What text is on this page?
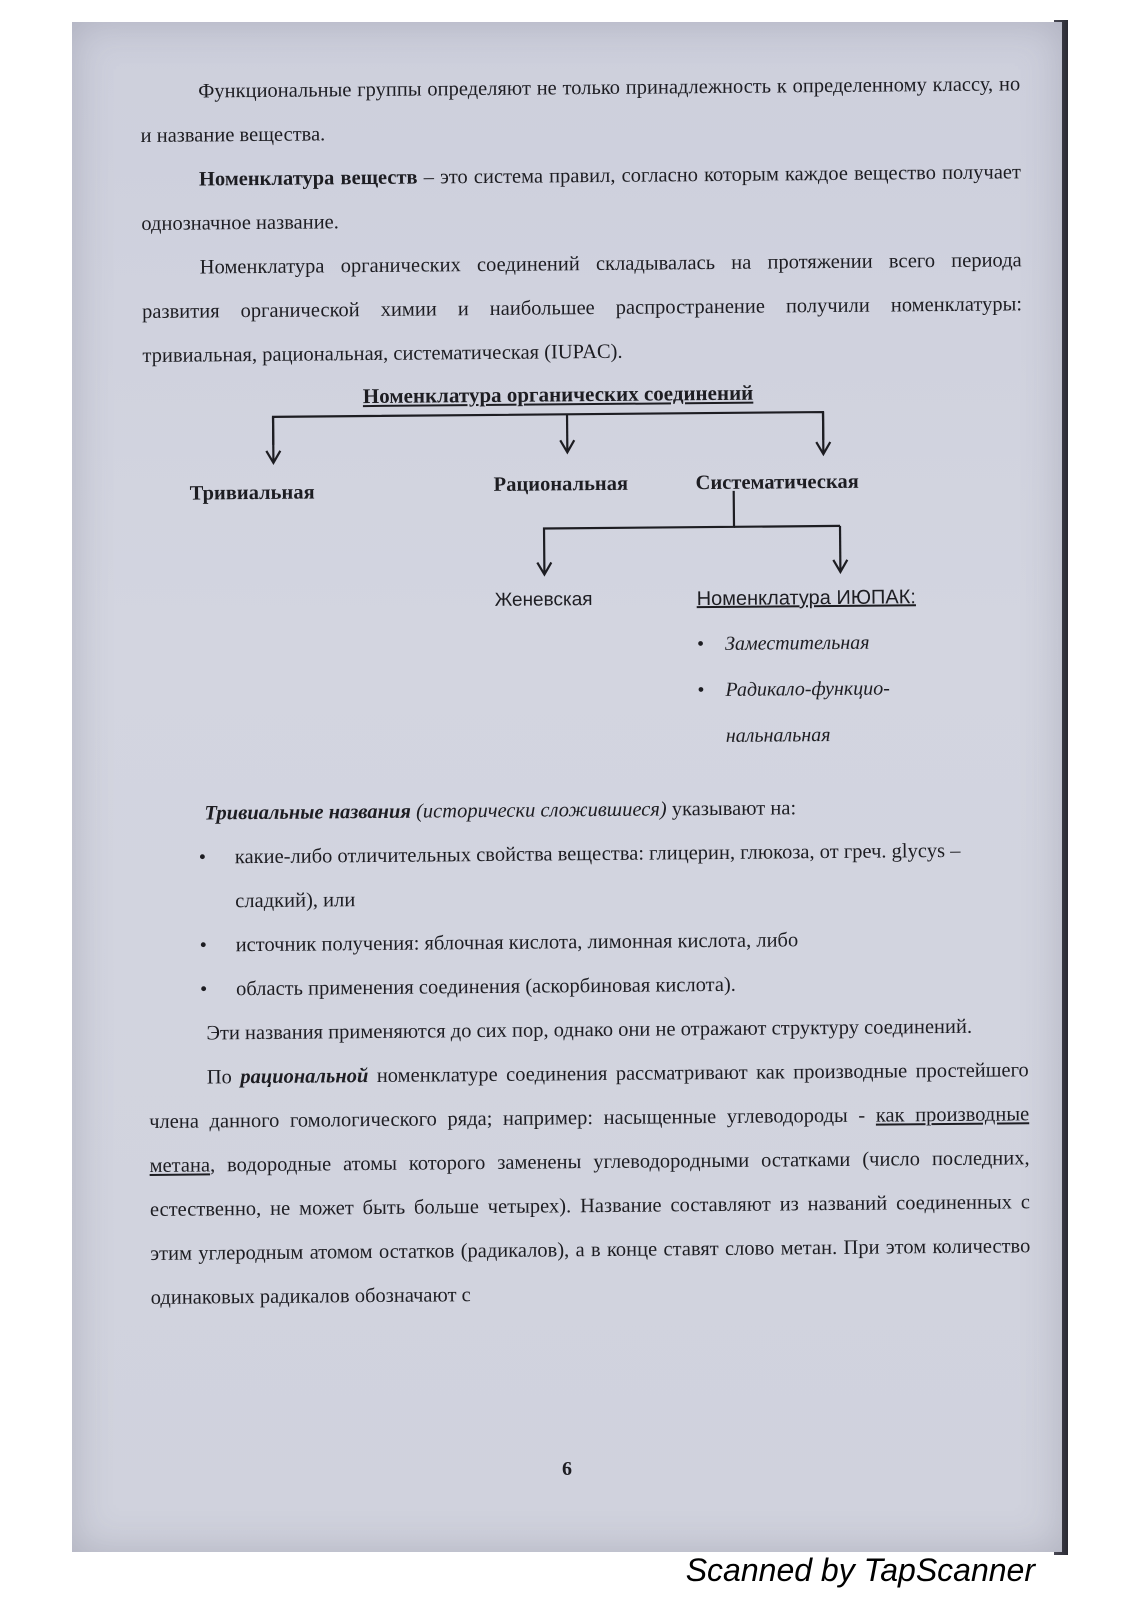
Функциональные группы определяют не только принадлежность к определенному классу, но и название вещества.

Номенклатура веществ – это система правил, согласно которым каждое вещество получает однозначное название.

Номенклатура органических соединений складывалась на протяжении всего периода развития органической химии и наибольшее распространение получили номенклатуры: тривиальная, рациональная, систематическая (IUPAC).

Номенклатура органических соединений
Тривиальная	Рациональная	Систематическая
Женевская	Номенклатура ИЮПАК:
• Заместительная
• Радикало-функцио-
нальнальная

Тривиальные названия (исторически сложившиеся) указывают на:

• какие-либо отличительных свойства вещества: глицерин, глюкоза, от греч. glycys – сладкий), или
• источник получения: яблочная кислота, лимонная кислота, либо
• область применения соединения (аскорбиновая кислота).

Эти названия применяются до сих пор, однако они не отражают структуру соединений.

По рациональной номенклатуре соединения рассматривают как производные простейшего члена данного гомологического ряда; например: насыщенные углеводороды - как производные метана, водородные атомы которого заменены углеводородными остатками (число последних, естественно, не может быть больше четырех). Название составляют из названий соединенных с этим углеродным атомом остатков (радикалов), а в конце ставят слово метан. При этом количество одинаковых радикалов обозначают с

6
Scanned by TapScanner
